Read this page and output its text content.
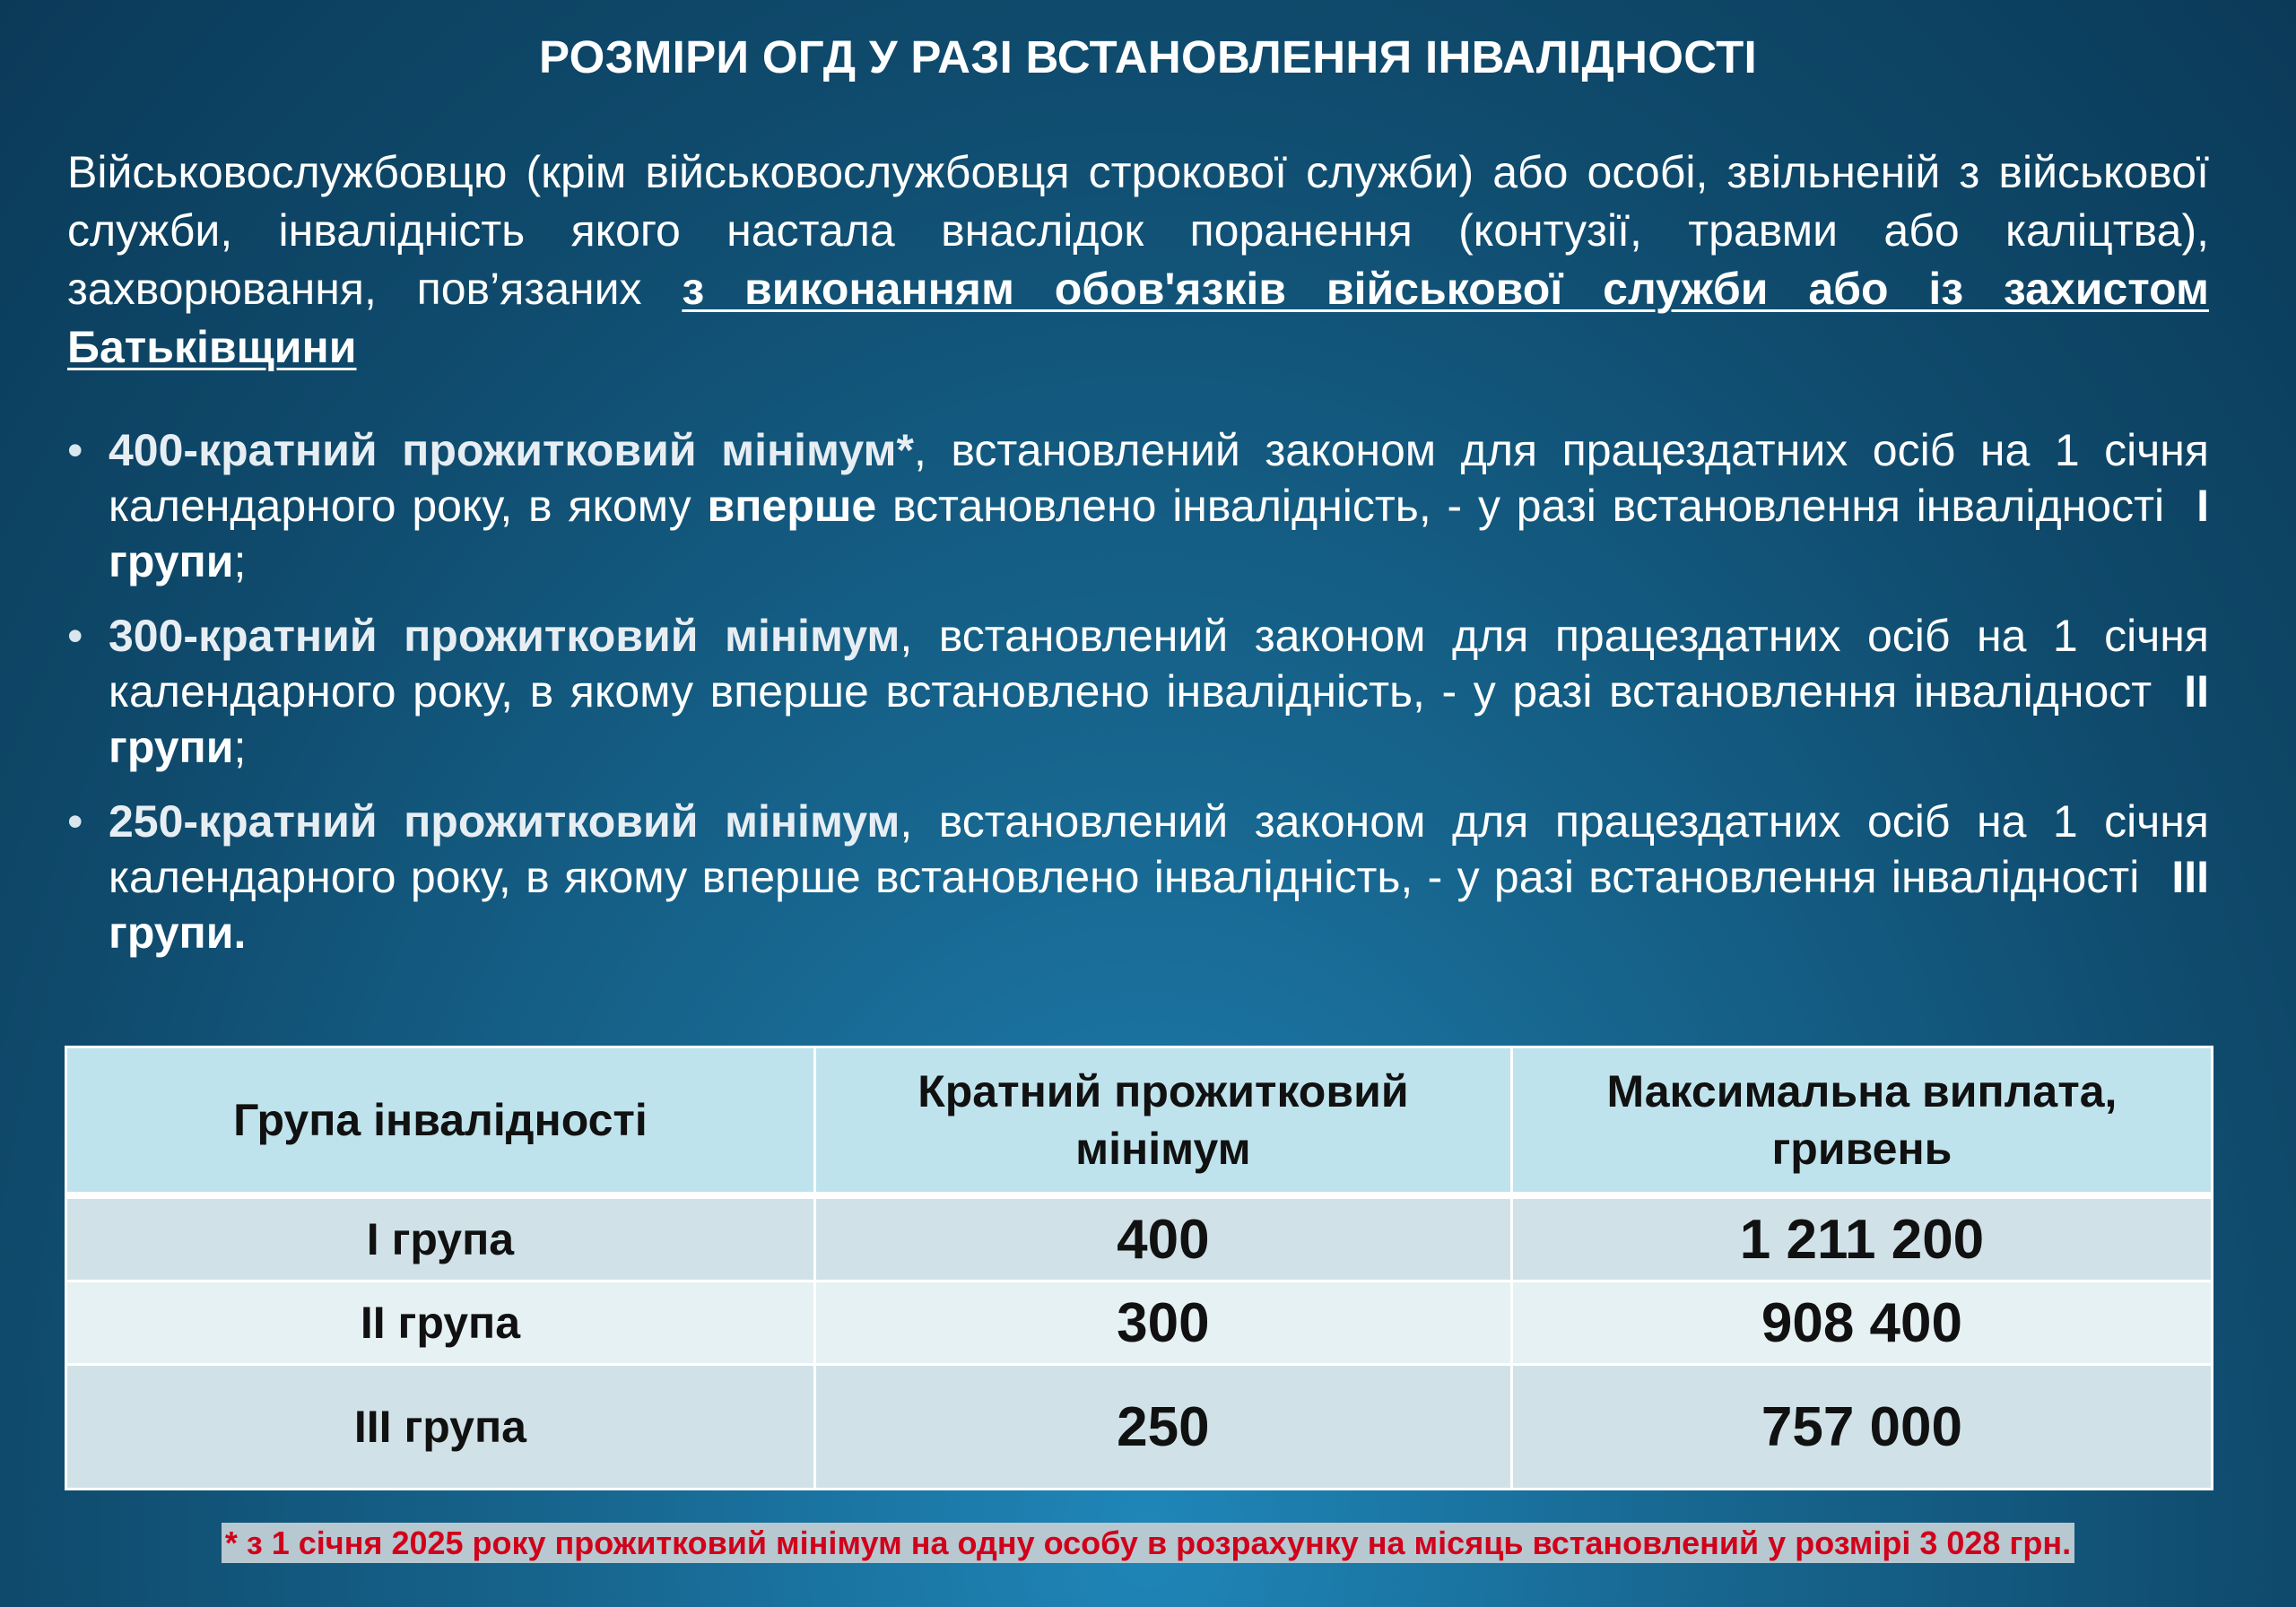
РОЗМІРИ ОГД У РАЗІ ВСТАНОВЛЕННЯ ІНВАЛІДНОСТІ
Військовослужбовцю (крім військовослужбовця строкової служби) або особі, звільненій з військової служби, інвалідність якого настала внаслідок поранення (контузії, травми або каліцтва), захворювання, пов’язаних з виконанням обов'язків військової служби або із захистом Батьківщини
• 400-кратний прожитковий мінімум*, встановлений законом для працездатних осіб на 1 січня календарного року, в якому вперше встановлено інвалідність, - у разі встановлення інвалідності І групи;
• 300-кратний прожитковий мінімум, встановлений законом для працездатних осіб на 1 січня календарного року, в якому вперше встановлено інвалідність, - у разі встановлення інвалідност ІІ групи;
• 250-кратний прожитковий мінімум, встановлений законом для працездатних осіб на 1 січня календарного року, в якому вперше встановлено інвалідність, - у разі встановлення інвалідності ІІІ групи.
Група інвалідності	Кратний прожитковий мінімум	Максимальна виплата, гривень
І група	400	1 211 200
ІІ група	300	908 400
ІІІ група	250	757 000
* з 1 січня 2025 року прожитковий мінімум на одну особу в розрахунку на місяць встановлений у розмірі 3 028 грн.
